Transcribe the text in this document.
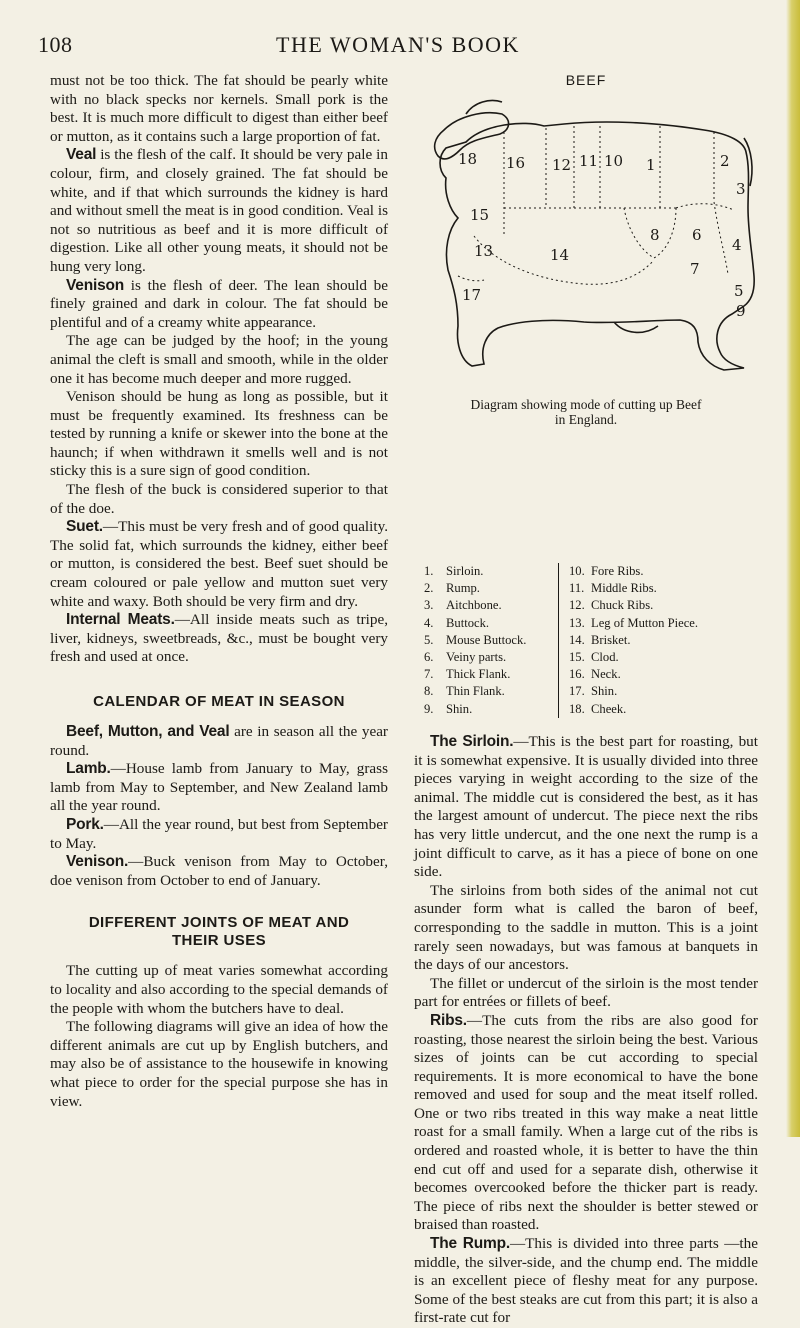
108	THE WOMAN'S BOOK

must not be too thick. The fat should be pearly white with no black specks nor kernels. Small pork is the best. It is much more difficult to digest than either beef or mutton, as it contains such a large proportion of fat.

Veal is the flesh of the calf. It should be very pale in colour, firm, and closely grained. The fat should be white, and if that which surrounds the kidney is hard and without smell the meat is in good condition. Veal is not so nutritious as beef and it is more difficult of digestion. Like all other young meats, it should not be hung very long.

Venison is the flesh of deer. The lean should be finely grained and dark in colour. The fat should be plentiful and of a creamy white appearance.

The age can be judged by the hoof; in the young animal the cleft is small and smooth, while in the older one it has become much deeper and more rugged.

Venison should be hung as long as possible, but it must be frequently examined. Its freshness can be tested by running a knife or skewer into the bone at the haunch; if when withdrawn it smells well and is not sticky this is a sure sign of good condition.

The flesh of the buck is considered superior to that of the doe.

Suet.—This must be very fresh and of good quality. The solid fat, which surrounds the kidney, either beef or mutton, is considered the best. Beef suet should be cream coloured or pale yellow and mutton suet very white and waxy. Both should be very firm and dry.

Internal Meats.—All inside meats such as tripe, liver, kidneys, sweetbreads, &c., must be bought very fresh and used at once.

CALENDAR OF MEAT IN SEASON

Beef, Mutton, and Veal are in season all the year round.

Lamb.—House lamb from January to May, grass lamb from May to September, and New Zealand lamb all the year round.

Pork.—All the year round, but best from September to May.

Venison.—Buck venison from May to October, doe venison from October to end of January.

DIFFERENT JOINTS OF MEAT AND
THEIR USES

The cutting up of meat varies somewhat according to locality and also according to the special demands of the people with whom the butchers have to deal.

The following diagrams will give an idea of how the different animals are cut up by English butchers, and may also be of assistance to the housewife in knowing what piece to order for the special purpose she has in view.

BEEF
16 12 11 10 1	2
3
18
15
13	14
8 6
4
7
5
17
9
Diagram showing mode of cutting up Beef
in England.
1. Sirloin.
2. Rump.
3. Aitchbone.
4. Buttock.
5. Mouse Buttock.
6. Veiny parts.
7. Thick Flank.
8. Thin Flank.
9. Shin.
10. Fore Ribs.
11. Middle Ribs.
12. Chuck Ribs.
13. Leg of Mutton Piece.
14. Brisket.
15. Clod.
16. Neck.
17. Shin.
18. Cheek.

The Sirloin.—This is the best part for roasting, but it is somewhat expensive. It is usually divided into three pieces varying in weight according to the size of the animal. The middle cut is considered the best, as it has the largest amount of undercut. The piece next the ribs has very little undercut, and the one next the rump is a joint difficult to carve, as it has a piece of bone on one side.

The sirloins from both sides of the animal not cut asunder form what is called the baron of beef, corresponding to the saddle in mutton. This is a joint rarely seen nowadays, but was famous at banquets in the days of our ancestors.

The fillet or undercut of the sirloin is the most tender part for entrées or fillets of beef.

Ribs.—The cuts from the ribs are also good for roasting, those nearest the sirloin being the best. Various sizes of joints can be cut according to special requirements. It is more economical to have the bone removed and used for soup and the meat itself rolled. One or two ribs treated in this way make a neat little roast for a small family. When a large cut of the ribs is ordered and roasted whole, it is better to have the thin end cut off and used for a separate dish, otherwise it becomes overcooked before the thicker part is ready. The piece of ribs next the shoulder is better stewed or braised than roasted.

The Rump.—This is divided into three parts —the middle, the silver-side, and the chump end. The middle is an excellent piece of fleshy meat for any purpose. Some of the best steaks are cut from this part; it is also a first-rate cut for
